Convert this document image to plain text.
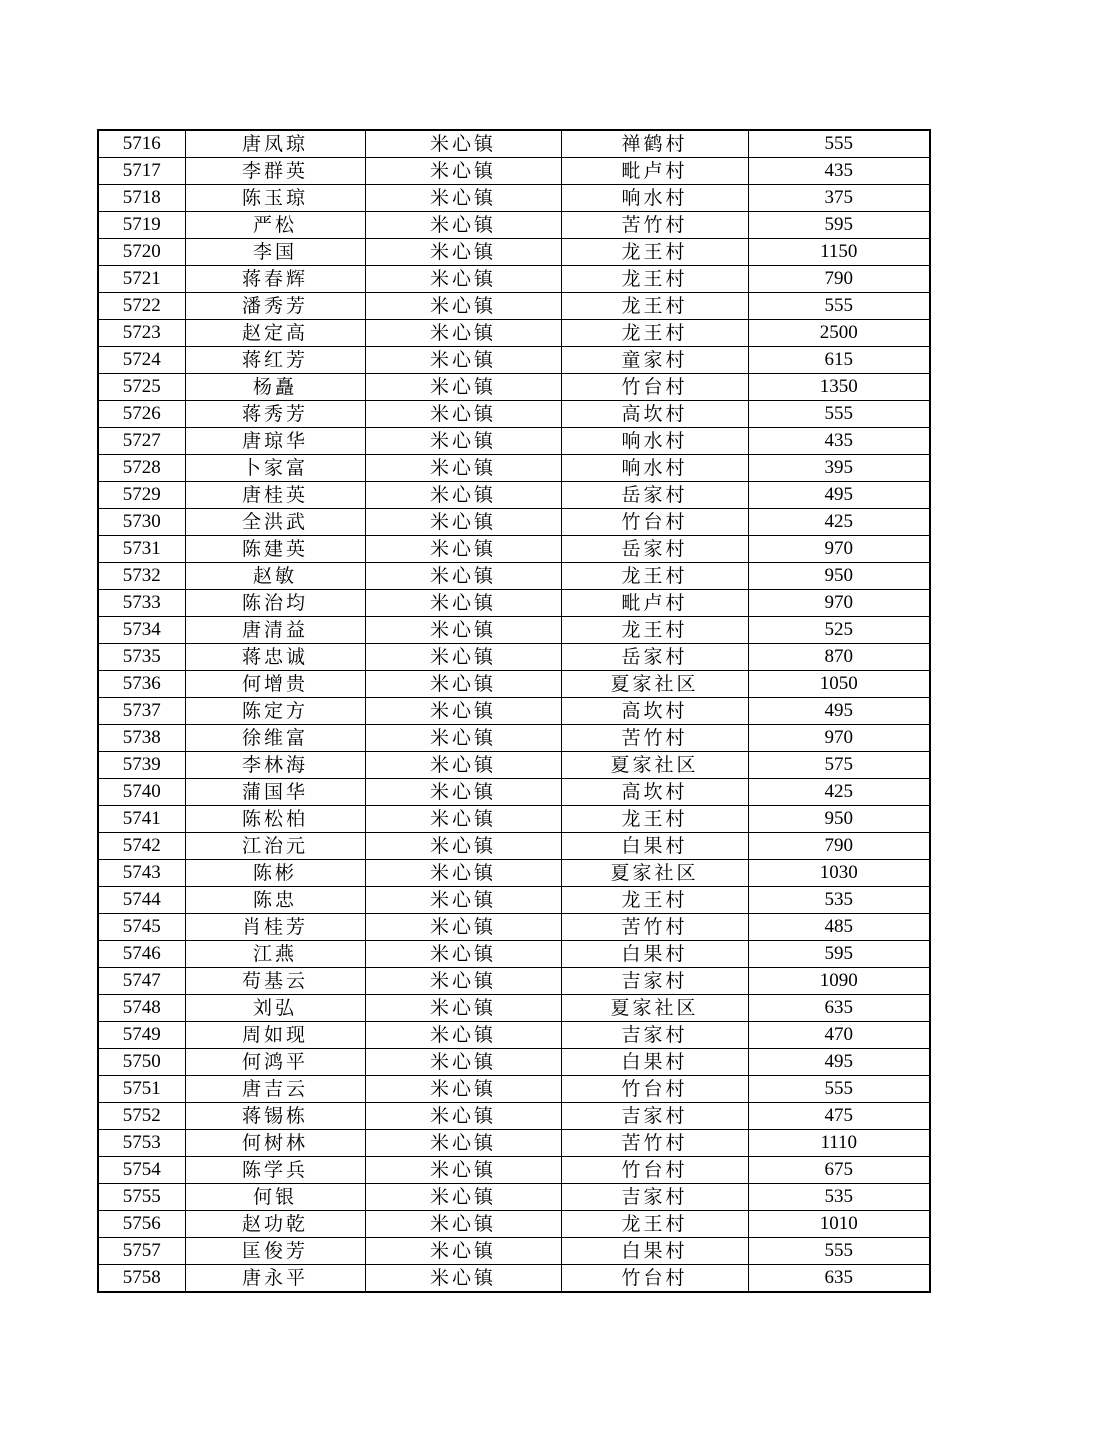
5716	唐凤琼	米心镇	禅鹤村	555
5717	李群英	米心镇	毗卢村	435
5718	陈玉琼	米心镇	响水村	375
5719	严松	米心镇	苦竹村	595
5720	李国	米心镇	龙王村	1150
5721	蒋春辉	米心镇	龙王村	790
5722	潘秀芳	米心镇	龙王村	555
5723	赵定高	米心镇	龙王村	2500
5724	蒋红芳	米心镇	童家村	615
5725	杨矗	米心镇	竹台村	1350
5726	蒋秀芳	米心镇	高坎村	555
5727	唐琼华	米心镇	响水村	435
5728	卜家富	米心镇	响水村	395
5729	唐桂英	米心镇	岳家村	495
5730	全洪武	米心镇	竹台村	425
5731	陈建英	米心镇	岳家村	970
5732	赵敏	米心镇	龙王村	950
5733	陈治均	米心镇	毗卢村	970
5734	唐清益	米心镇	龙王村	525
5735	蒋忠诚	米心镇	岳家村	870
5736	何增贵	米心镇	夏家社区	1050
5737	陈定方	米心镇	高坎村	495
5738	徐维富	米心镇	苦竹村	970
5739	李林海	米心镇	夏家社区	575
5740	蒲国华	米心镇	高坎村	425
5741	陈松柏	米心镇	龙王村	950
5742	江治元	米心镇	白果村	790
5743	陈彬	米心镇	夏家社区	1030
5744	陈忠	米心镇	龙王村	535
5745	肖桂芳	米心镇	苦竹村	485
5746	江燕	米心镇	白果村	595
5747	苟基云	米心镇	吉家村	1090
5748	刘弘	米心镇	夏家社区	635
5749	周如现	米心镇	吉家村	470
5750	何鸿平	米心镇	白果村	495
5751	唐吉云	米心镇	竹台村	555
5752	蒋锡栋	米心镇	吉家村	475
5753	何树林	米心镇	苦竹村	1110
5754	陈学兵	米心镇	竹台村	675
5755	何银	米心镇	吉家村	535
5756	赵功乾	米心镇	龙王村	1010
5757	匡俊芳	米心镇	白果村	555
5758	唐永平	米心镇	竹台村	635
